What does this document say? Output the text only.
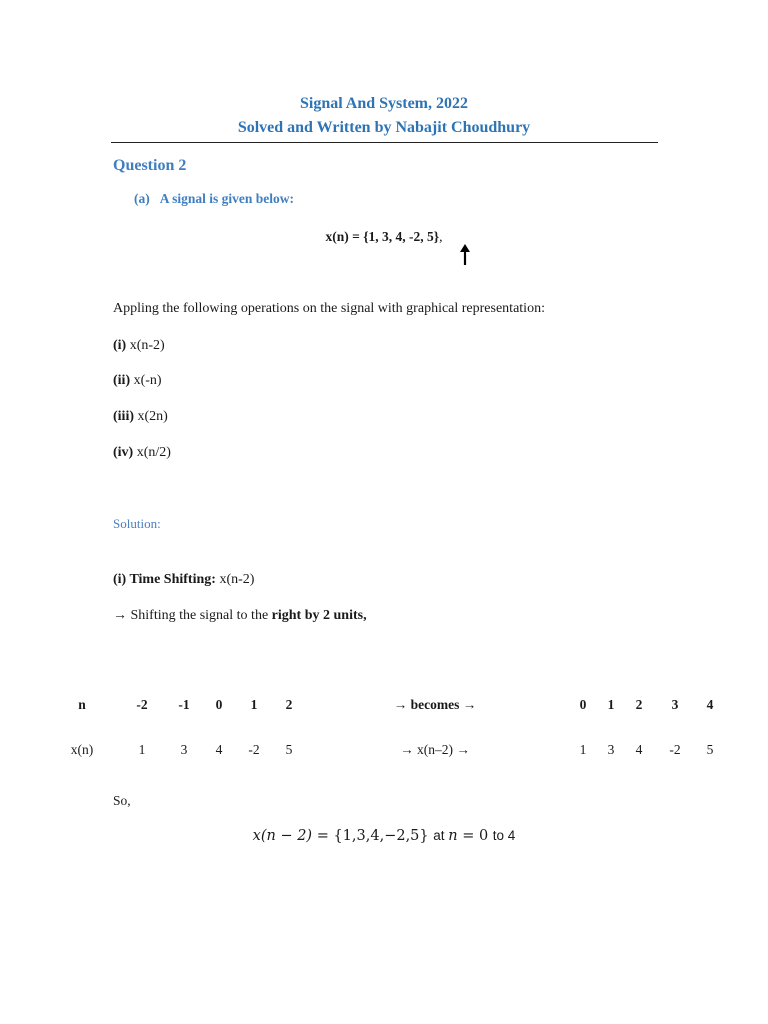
Signal And System, 2022
Solved and Written by Nabajit Choudhury
Question 2
(a) A signal is given below:
x(n) = {1, 3, 4, -2, 5},
Appling the following operations on the signal with graphical representation:
(i) x(n-2)
(ii) x(-n)
(iii) x(2n)
(iv) x(n/2)
Solution:
(i) Time Shifting: x(n-2)
→ Shifting the signal to the right by 2 units,
n	-2	-1	0	1	2	→ becomes →	0	1	2	3	4
x(n)	1	3	4	-2	5	→ x(n–2) →	1	3	4	-2	5
So,
x(n − 2) = {1,3,4,−2,5} at n = 0 to 4
